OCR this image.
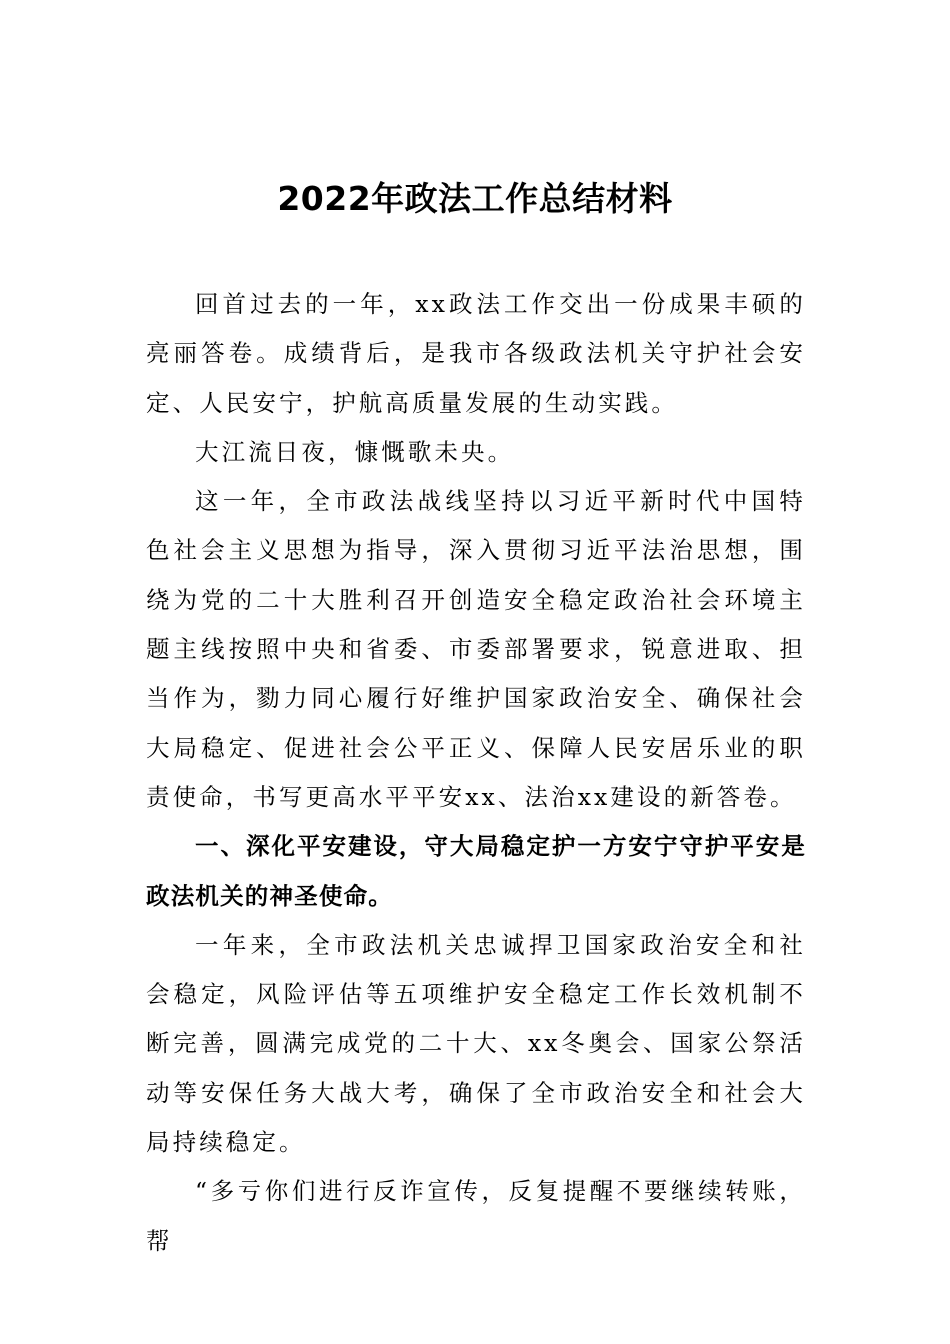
2022年政法工作总结材料

回首过去的一年，xx政法工作交出一份成果丰硕的亮丽答卷。成绩背后，是我市各级政法机关守护社会安定、人民安宁，护航高质量发展的生动实践。

大江流日夜，慷慨歌未央。

这一年，全市政法战线坚持以习近平新时代中国特色社会主义思想为指导，深入贯彻习近平法治思想，围绕为党的二十大胜利召开创造安全稳定政治社会环境主题主线按照中央和省委、市委部署要求，锐意进取、担当作为，勠力同心履行好维护国家政治安全、确保社会大局稳定、促进社会公平正义、保障人民安居乐业的职责使命，书写更高水平平安xx、法治xx建设的新答卷。

一、深化平安建设，守大局稳定护一方安宁守护平安是政法机关的神圣使命。

一年来，全市政法机关忠诚捍卫国家政治安全和社会稳定，风险评估等五项维护安全稳定工作长效机制不断完善，圆满完成党的二十大、xx冬奥会、国家公祭活动等安保任务大战大考，确保了全市政治安全和社会大局持续稳定。

“多亏你们进行反诈宣传，反复提醒不要继续转账，帮
